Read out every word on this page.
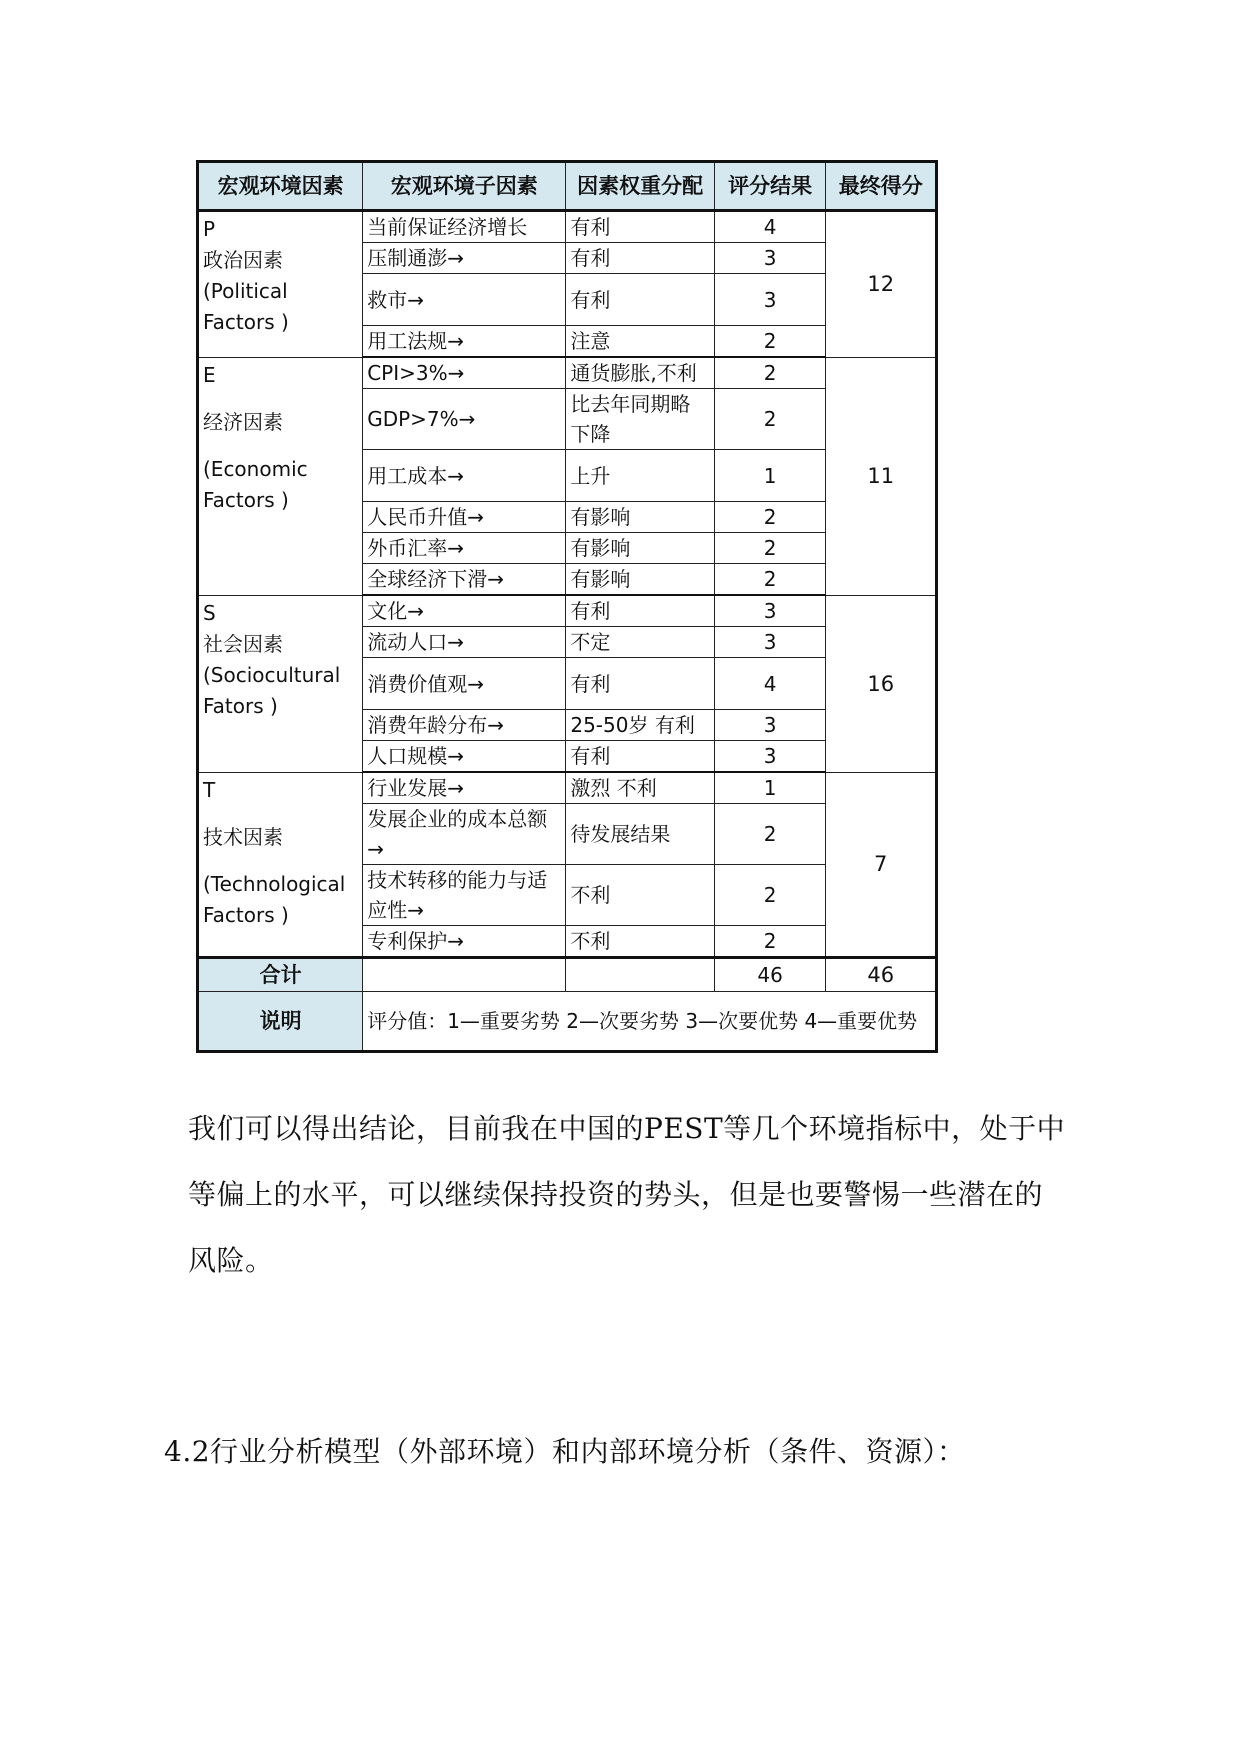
宏观环境因素	宏观环境子因素	因素权重分配	评分结果	最终得分

P
政治因素
(Political
Factors )	当前保证经济增长	有利	4	12
	压制通澎→	有利	3	
	救市→	有利	3	
	用工法规→	注意	2	

E
经济因素
(Economic
Factors )	CPI>3%→	通货膨胀,不利	2	11
	GDP>7%→	比去年同期略下降	2	
	用工成本→	上升	1	
	人民币升值→	有影响	2	
	外币汇率→	有影响	2	
	全球经济下滑→	有影响	2	

S
社会因素
(Sociocultural
Fators )	文化→	有利	3	16
	流动人口→	不定	3	
	消费价值观→	有利	4	
	消费年龄分布→	25-50岁 有利	3	
	人口规模→	有利	3	

T
技术因素
(Technological
Factors )	行业发展→	激烈 不利	1	7
	发展企业的成本总额→	待发展结果	2	
	技术转移的能力与适应性→	不利	2	
	专利保护→	不利	2	
合计			46	46
说明	评分值：1—重要劣势 2—次要劣势 3—次要优势 4—重要优势			

我们可以得出结论，目前我在中国的PEST等几个环境指标中，处于中等偏上的水平，可以继续保持投资的势头，但是也要警惕一些潜在的风险。

4.2行业分析模型（外部环境）和内部环境分析（条件、资源）：
